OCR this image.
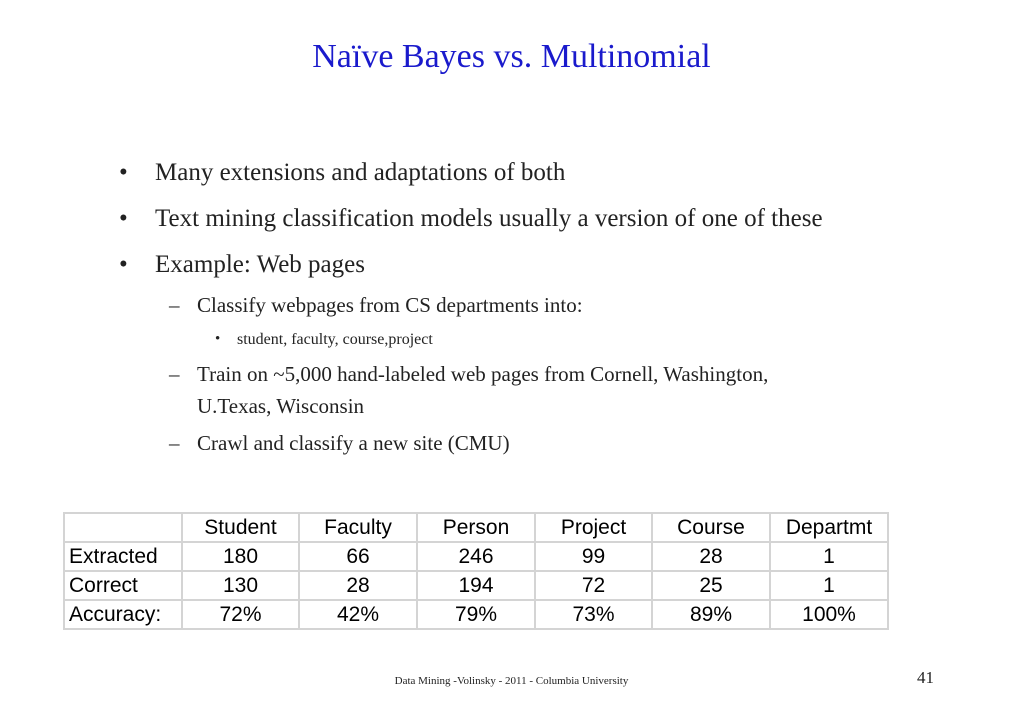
Naïve Bayes vs. Multinomial
• Many extensions and adaptations of both
• Text mining classification models usually a version of one of these
• Example: Web pages
– Classify webpages from CS departments into:
• student, faculty, course,project
– Train on ~5,000 hand-labeled web pages from Cornell, Washington,
U.Texas, Wisconsin
– Crawl and classify a new site (CMU)
	Student	Faculty	Person	Project	Course	Departmt
Extracted	180	66	246	99	28	1
Correct	130	28	194	72	25	1
Accuracy:	72%	42%	79%	73%	89%	100%
Data Mining -Volinsky - 2011 - Columbia University	41
